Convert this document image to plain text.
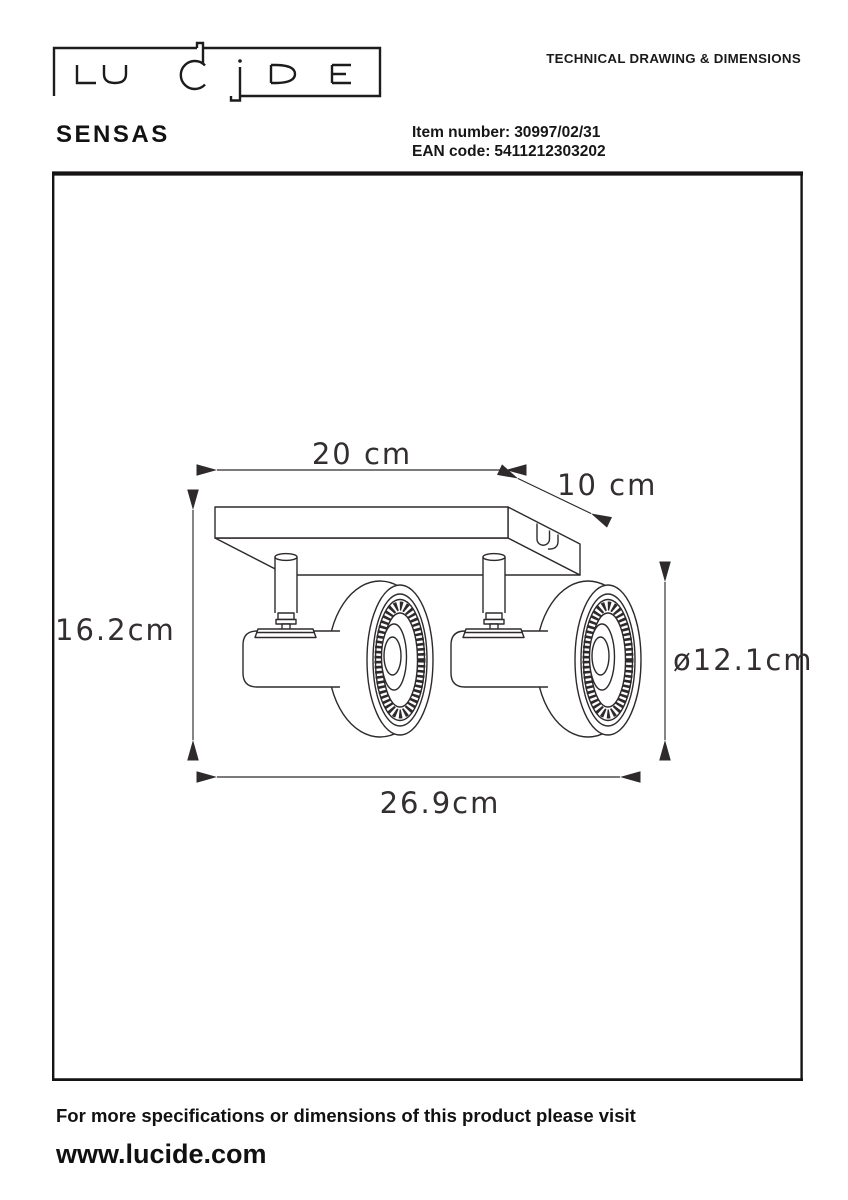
TECHNICAL DRAWING & DIMENSIONS
SENSAS	Item number: 30997/02/31
EAN code: 5411212303202
20 cm
10 cm
16.2cm
ø12.1cm
26.9cm
For more specifications or dimensions of this product please visit
www.lucide.com
